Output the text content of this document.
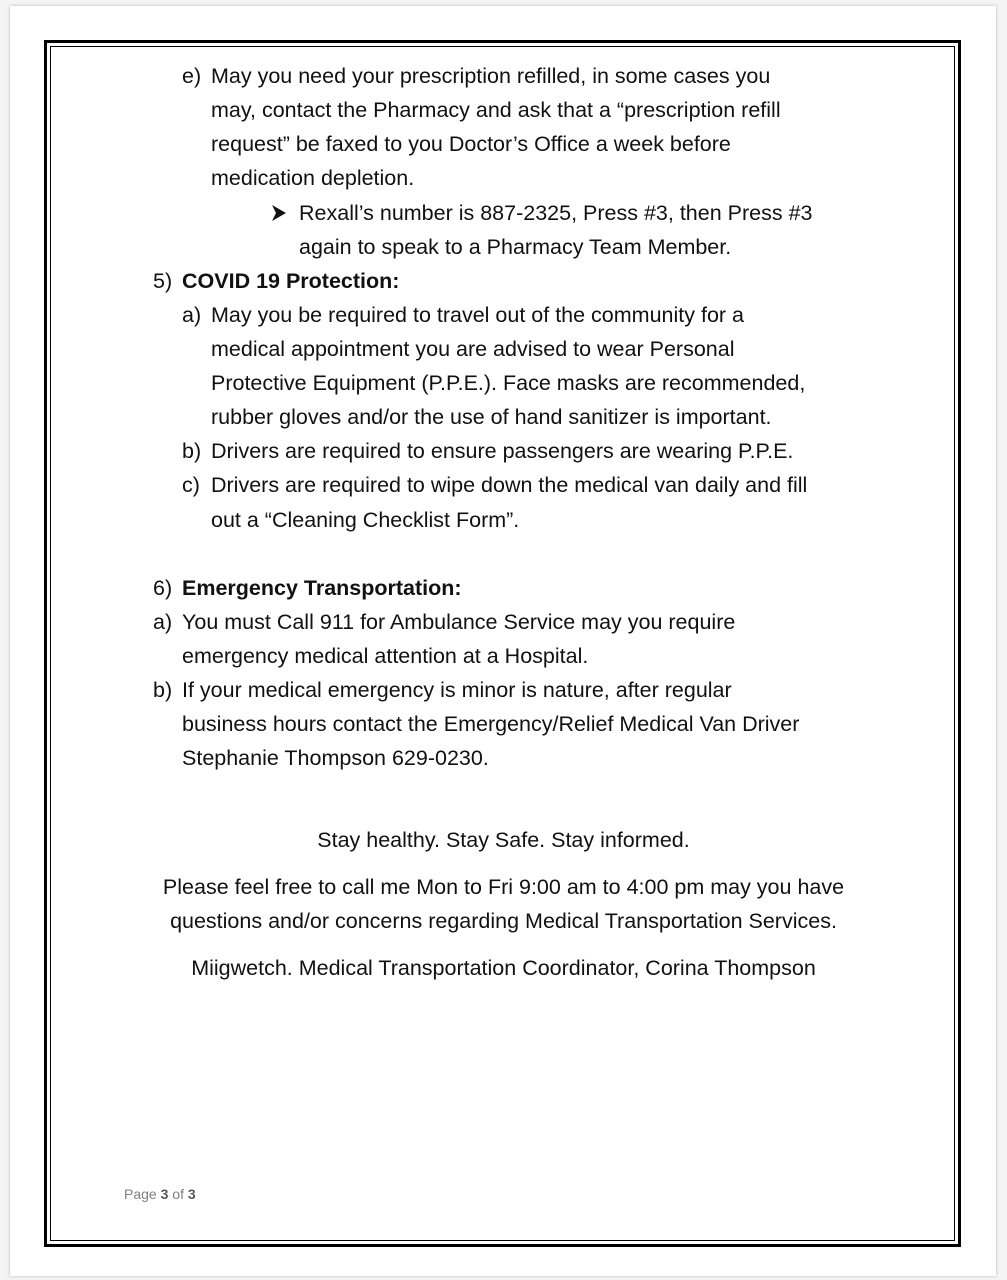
e) May you need your prescription refilled, in some cases you
may, contact the Pharmacy and ask that a “prescription refill
request” be faxed to you Doctor’s Office a week before
medication depletion.
Rexall’s number is 887-2325, Press #3, then Press #3
again to speak to a Pharmacy Team Member.
5) COVID 19 Protection:
a) May you be required to travel out of the community for a
medical appointment you are advised to wear Personal
Protective Equipment (P.P.E.). Face masks are recommended,
rubber gloves and/or the use of hand sanitizer is important.
b) Drivers are required to ensure passengers are wearing P.P.E.
c) Drivers are required to wipe down the medical van daily and fill
out a “Cleaning Checklist Form”.
6) Emergency Transportation:
a) You must Call 911 for Ambulance Service may you require
emergency medical attention at a Hospital.
b) If your medical emergency is minor is nature, after regular
business hours contact the Emergency/Relief Medical Van Driver
Stephanie Thompson 629-0230.
Stay healthy. Stay Safe. Stay informed.
Please feel free to call me Mon to Fri 9:00 am to 4:00 pm may you have
questions and/or concerns regarding Medical Transportation Services.
Miigwetch. Medical Transportation Coordinator, Corina Thompson
Page 3 of 3
